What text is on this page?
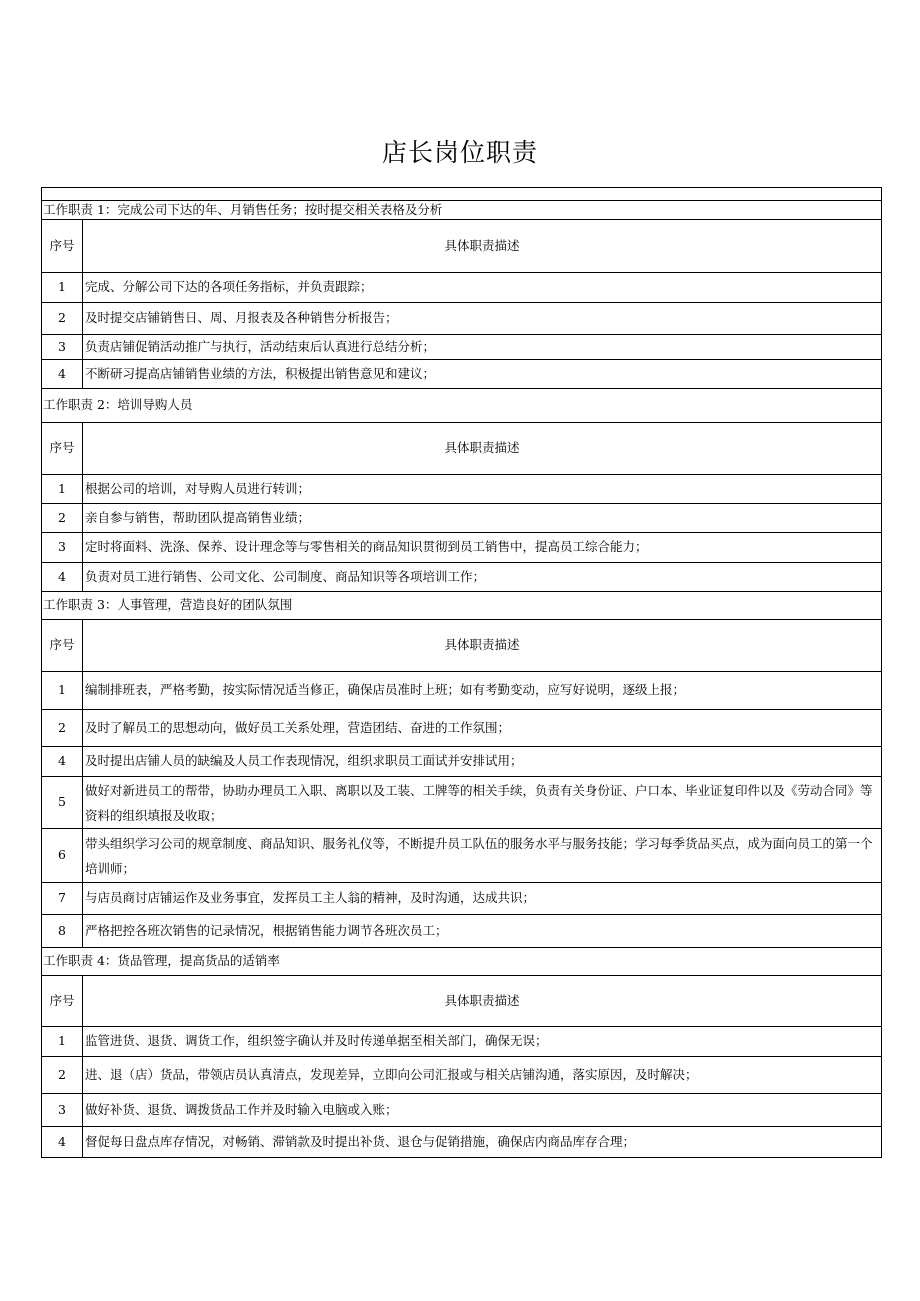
店长岗位职责

工作职责 1：完成公司下达的年、月销售任务；按时提交相关表格及分析	
序号	具体职责描述
1	完成、分解公司下达的各项任务指标，并负责跟踪；
2	及时提交店铺销售日、周、月报表及各种销售分析报告；
3	负责店铺促销活动推广与执行，活动结束后认真进行总结分析；
4	不断研习提高店铺销售业绩的方法，积极提出销售意见和建议；
工作职责 2：培训导购人员	
序号	具体职责描述
1	根据公司的培训，对导购人员进行转训；
2	亲自参与销售，帮助团队提高销售业绩；
3	定时将面料、洗涤、保养、设计理念等与零售相关的商品知识贯彻到员工销售中，提高员工综合能力；
4	负责对员工进行销售、公司文化、公司制度、商品知识等各项培训工作；
工作职责 3：人事管理，营造良好的团队氛围	
序号	具体职责描述
1	编制排班表，严格考勤，按实际情况适当修正，确保店员准时上班；如有考勤变动，应写好说明，逐级上报；
2	及时了解员工的思想动向，做好员工关系处理，营造团结、奋进的工作氛围；
4	及时提出店铺人员的缺编及人员工作表现情况，组织求职员工面试并安排试用；
5	做好对新进员工的帮带，协助办理员工入职、离职以及工装、工牌等的相关手续，负责有关身份证、户口本、毕业证复印件以及《劳动合同》等资料的组织填报及收取；
6	带头组织学习公司的规章制度、商品知识、服务礼仪等，不断提升员工队伍的服务水平与服务技能；学习每季货品买点，成为面向员工的第一个培训师；
7	与店员商讨店铺运作及业务事宜，发挥员工主人翁的精神，及时沟通，达成共识；
8	严格把控各班次销售的记录情况，根据销售能力调节各班次员工；
工作职责 4：货品管理，提高货品的适销率	
序号	具体职责描述
1	监管进货、退货、调货工作，组织签字确认并及时传递单据至相关部门，确保无误；
2	进、退（店）货品，带领店员认真清点，发现差异，立即向公司汇报或与相关店铺沟通，落实原因，及时解决；
3	做好补货、退货、调拨货品工作并及时输入电脑或入账；
4	督促每日盘点库存情况，对畅销、滞销款及时提出补货、退仓与促销措施，确保店内商品库存合理；
